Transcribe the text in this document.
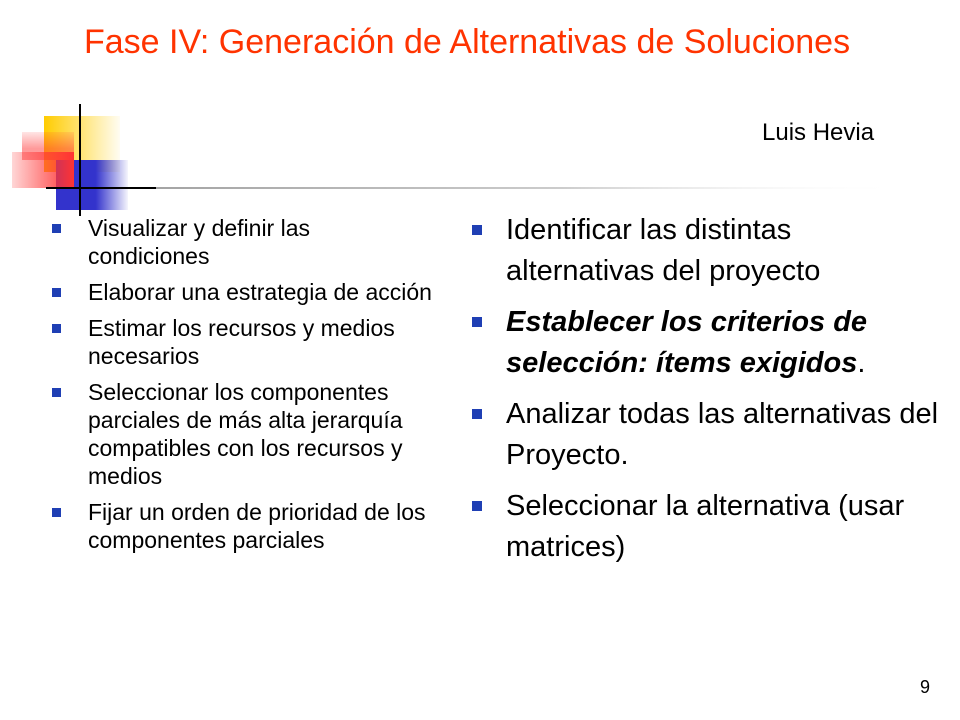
Fase IV: Generación de Alternativas de Soluciones
Luis Hevia
Visualizar y definir las condiciones
Elaborar una estrategia de acción
Estimar los recursos y medios necesarios
Seleccionar los componentes parciales de más alta jerarquía compatibles con los recursos y medios
Fijar un orden de prioridad de los componentes parciales
Identificar las distintas alternativas del proyecto
Establecer los criterios de selección: ítems exigidos.
Analizar todas las alternativas del Proyecto.
Seleccionar la alternativa (usar matrices)
9
